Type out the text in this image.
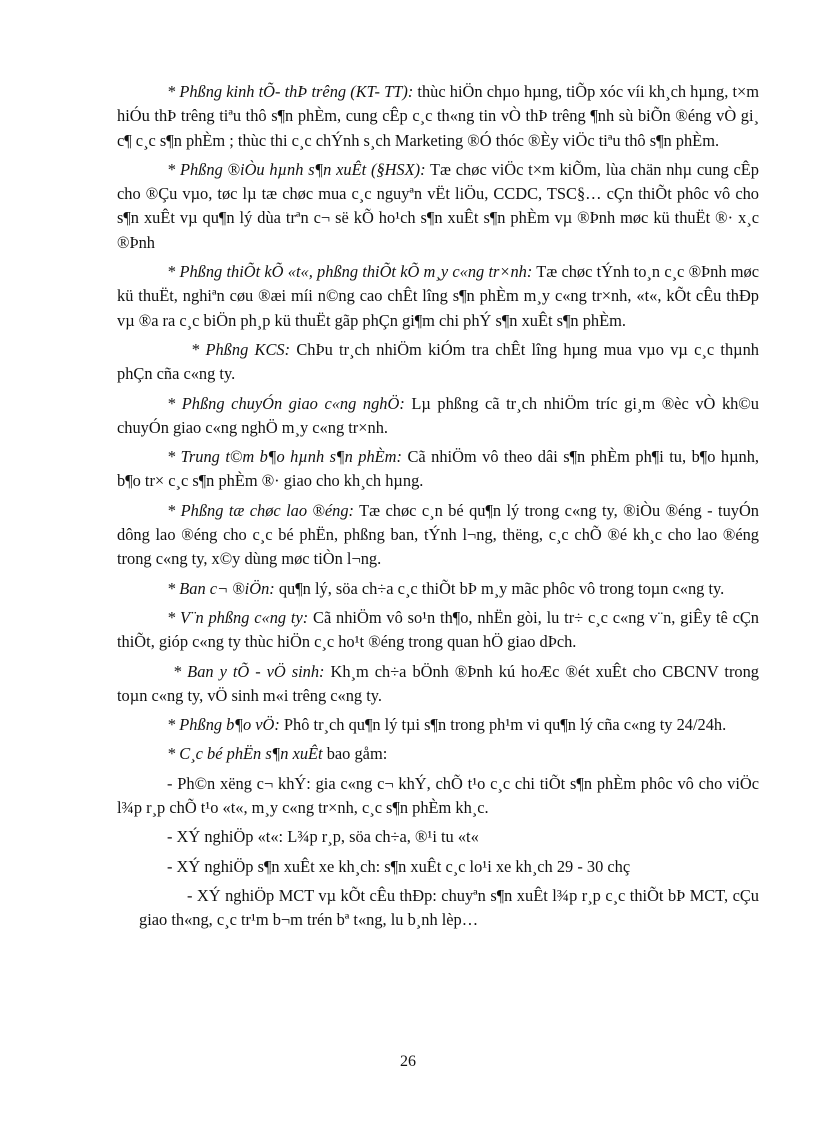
* Phßng kinh tÕ- thÞ trêng (KT- TT): thùc hiÖn chµo hµng, tiÕp xóc víi kh¸ch hµng, t×m hiÓu thÞ trêng tiªu thô s¶n phÈm, cung cÊp c¸c th«ng tin vÒ thÞ trêng ¶nh sù biÕn ®éng vÒ gi¸ c¶ c¸c s¶n phÈm ; thùc thi c¸c chÝnh s¸ch Marketing ®Ó thóc ®Èy viÖc tiªu thô s¶n phÈm.

* Phßng ®iÒu hµnh s¶n xuÊt (§HSX): Tæ chøc viÖc t×m kiÕm, lùa chän nhµ cung cÊp cho ®Çu vµo, tøc lµ tæ chøc mua c¸c nguyªn vËt liÖu, CCDC, TSC§… cÇn thiÕt phôc vô cho s¶n xuÊt vµ qu¶n lý dùa trªn c¬ së kÕ ho¹ch s¶n xuÊt s¶n phÈm vµ ®Þnh møc kü thuËt ®· x¸c ®Þnh

* Phßng thiÕt kÕ «t«, phßng thiÕt kÕ m¸y c«ng tr×nh: Tæ chøc tÝnh to¸n c¸c ®Þnh møc kü thuËt, nghiªn cøu ®æi míi n©ng cao chÊt lîng s¶n phÈm m¸y c«ng tr×nh, «t«, kÕt cÊu thÐp vµ ®a ra c¸c biÖn ph¸p kü thuËt gãp phÇn gi¶m chi phÝ s¶n xuÊt s¶n phÈm.

* Phßng KCS: ChÞu tr¸ch nhiÖm kiÓm tra chÊt lîng hµng mua vµo vµ c¸c thµnh phÇn cña c«ng ty.

* Phßng chuyÓn giao c«ng nghÖ: Lµ phßng cã tr¸ch nhiÖm tríc gi¸m ®èc vÒ kh©u chuyÓn giao c«ng nghÖ m¸y c«ng tr×nh.

* Trung t©m b¶o hµnh s¶n phÈm: Cã nhiÖm vô theo dâi s¶n phÈm ph¶i tu, b¶o hµnh, b¶o tr× c¸c s¶n phÈm ®· giao cho kh¸ch hµng.

* Phßng tæ chøc lao ®éng: Tæ chøc c¸n bé qu¶n lý trong c«ng ty, ®iÒu ®éng - tuyÓn dông lao ®éng cho c¸c bé phËn, phßng ban, tÝnh l¬ng, thëng, c¸c chÕ ®é kh¸c cho lao ®éng trong c«ng ty, x©y dùng møc tiÒn l¬ng.

* Ban c¬ ®iÖn: qu¶n lý, söa ch÷a c¸c thiÕt bÞ m¸y mãc phôc vô trong toµn c«ng ty.

* V¨n phßng c«ng ty: Cã nhiÖm vô so¹n th¶o, nhËn gòi, lu tr÷ c¸c c«ng v¨n, giÊy tê cÇn thiÕt, gióp c«ng ty thùc hiÖn c¸c ho¹t ®éng trong quan hÖ giao dÞch.

* Ban y tÕ - vÖ sinh: Kh¸m ch÷a bÖnh ®Þnh kú hoÆc ®ét xuÊt cho CBCNV trong toµn c«ng ty, vÖ sinh m«i trêng c«ng ty.

* Phßng b¶o vÖ: Phô tr¸ch qu¶n lý tµi s¶n trong ph¹m vi qu¶n lý cña c«ng ty 24/24h.

* C¸c bé phËn s¶n xuÊt bao gåm:

- Ph©n xëng c¬ khÝ: gia c«ng c¬ khÝ, chÕ t¹o c¸c chi tiÕt s¶n phÈm phôc vô cho viÖc l¾p r¸p chÕ t¹o «t«, m¸y c«ng tr×nh, c¸c s¶n phÈm kh¸c.

- XÝ nghiÖp «t«: L¾p r¸p, söa ch÷a, ®¹i tu «t«

- XÝ nghiÖp s¶n xuÊt xe kh¸ch: s¶n xuÊt c¸c lo¹i xe kh¸ch 29 - 30 chç

- XÝ nghiÖp MCT vµ kÕt cÊu thÐp: chuyªn s¶n xuÊt l¾p r¸p c¸c thiÕt bÞ MCT, cÇu giao th«ng, c¸c tr¹m b¬m trén bª t«ng, lu b¸nh lèp…

26
